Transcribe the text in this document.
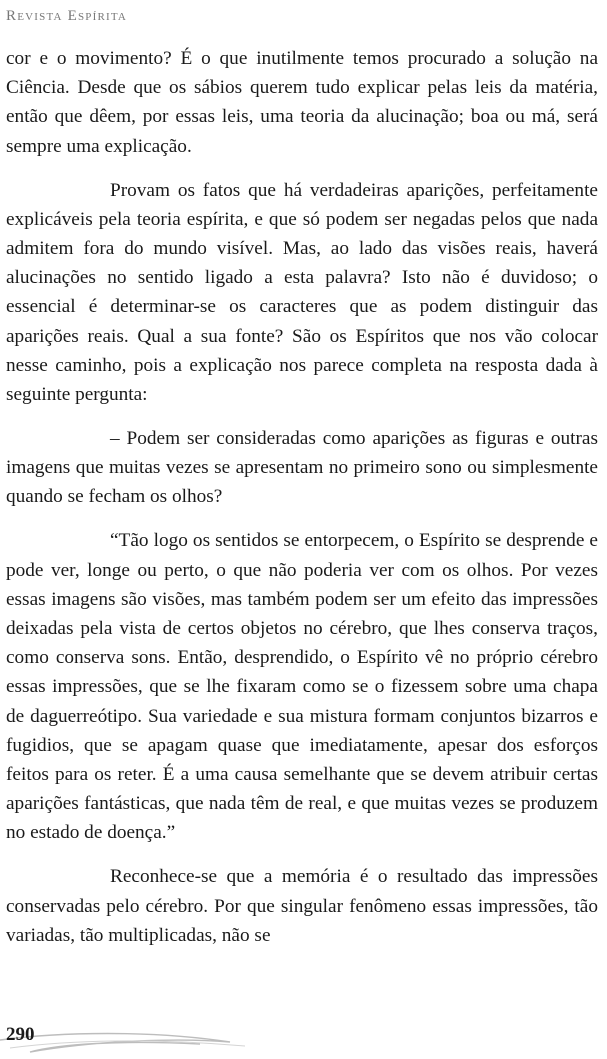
Revista Espírita

cor e o movimento? É o que inutilmente temos procurado a solução na Ciência. Desde que os sábios querem tudo explicar pelas leis da matéria, então que dêem, por essas leis, uma teoria da alucinação; boa ou má, será sempre uma explicação.

Provam os fatos que há verdadeiras aparições, perfeitamente explicáveis pela teoria espírita, e que só podem ser negadas pelos que nada admitem fora do mundo visível. Mas, ao lado das visões reais, haverá alucinações no sentido ligado a esta palavra? Isto não é duvidoso; o essencial é determinar-se os caracteres que as podem distinguir das aparições reais. Qual a sua fonte? São os Espíritos que nos vão colocar nesse caminho, pois a explicação nos parece completa na resposta dada à seguinte pergunta:

– Podem ser consideradas como aparições as figuras e outras imagens que muitas vezes se apresentam no primeiro sono ou simplesmente quando se fecham os olhos?

“Tão logo os sentidos se entorpecem, o Espírito se desprende e pode ver, longe ou perto, o que não poderia ver com os olhos. Por vezes essas imagens são visões, mas também podem ser um efeito das impressões deixadas pela vista de certos objetos no cérebro, que lhes conserva traços, como conserva sons. Então, desprendido, o Espírito vê no próprio cérebro essas impressões, que se lhe fixaram como se o fizessem sobre uma chapa de daguerreótipo. Sua variedade e sua mistura formam conjuntos bizarros e fugidios, que se apagam quase que imediatamente, apesar dos esforços feitos para os reter. É a uma causa semelhante que se devem atribuir certas aparições fantásticas, que nada têm de real, e que muitas vezes se produzem no estado de doença.”

Reconhece-se que a memória é o resultado das impressões conservadas pelo cérebro. Por que singular fenômeno essas impressões, tão variadas, tão multiplicadas, não se

290
